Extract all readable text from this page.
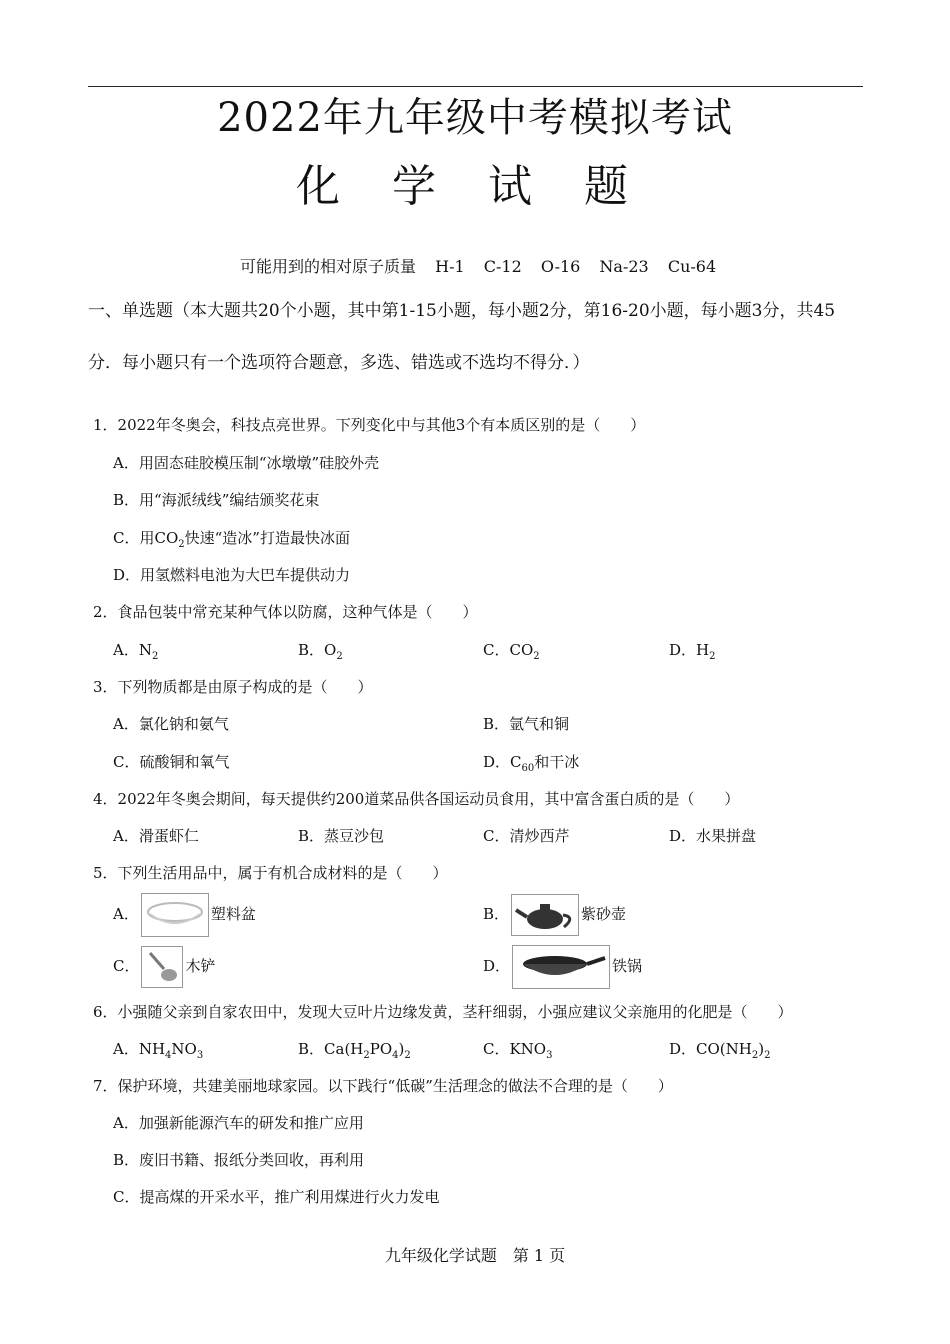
2022年九年级中考模拟考试
化学试题
可能用到的相对原子质量 H-1 C-12 O-16 Na-23 Cu-64
一、单选题（本大题共20个小题，其中第1-15小题，每小题2分，第16-20小题，每小题3分，共45分．每小题只有一个选项符合题意，多选、错选或不选均不得分．）
1．2022年冬奥会，科技点亮世界。下列变化中与其他3个有本质区别的是（　　）
A．用固态硅胶模压制“冰墩墩”硅胶外壳
B．用“海派绒线”编结颁奖花束
C．用$CO_2$快速“造冰”打造最快冰面
D．用氢燃料电池为大巴车提供动力
2．食品包装中常充某种气体以防腐，这种气体是（　　）
A．$N_2$	B．$O_2$	C．$CO_2$	D．$H_2$
3．下列物质都是由原子构成的是（　　）
A．氯化钠和氨气	B．氩气和铜
C．硫酸铜和氧气	D．$C_{60}$和干冰
4．2022年冬奥会期间，每天提供约200道菜品供各国运动员食用，其中富含蛋白质的是（　　）
A．滑蛋虾仁	B．蒸豆沙包	C．清炒西芹	D．水果拼盘
5．下列生活用品中，属于有机合成材料的是（　　）
A．	塑料盆	B．	紫砂壶
C．	木铲	D．	铁锅
6．小强随父亲到自家农田中，发现大豆叶片边缘发黄，茎秆细弱，小强应建议父亲施用的化肥是（　　）
A．$NH_4NO_3$	B．$Ca(H_2PO_4)_2$	C．$KNO_3$	D．$CO(NH_2)_2$
7．保护环境，共建美丽地球家园。以下践行“低碳”生活理念的做法不合理的是（　　）
A．加强新能源汽车的研发和推广应用
B．废旧书籍、报纸分类回收，再利用
C．提高煤的开采水平，推广利用煤进行火力发电
九年级化学试题　第 1 页
